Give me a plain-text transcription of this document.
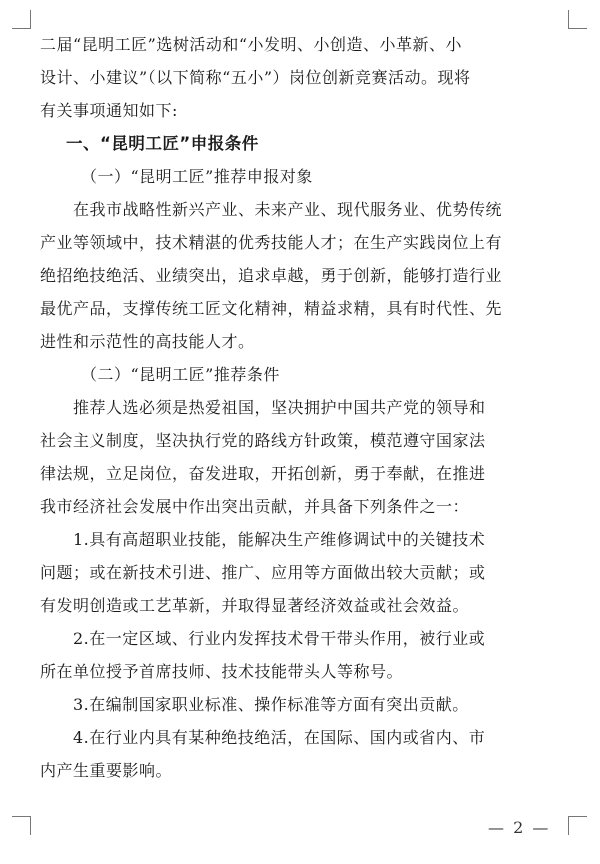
二届“昆明工匠”选树活动和“小发明、小创造、小革新、小
设计、小建议”（以下简称“五小”）岗位创新竞赛活动。现将
有关事项通知如下:
一、“昆明工匠”申报条件
（一）“昆明工匠”推荐申报对象
在我市战略性新兴产业、未来产业、现代服务业、优势传统
产业等领域中，技术精湛的优秀技能人才；在生产实践岗位上有
绝招绝技绝活、业绩突出，追求卓越，勇于创新，能够打造行业
最优产品，支撑传统工匠文化精神，精益求精，具有时代性、先
进性和示范性的高技能人才。
（二）“昆明工匠”推荐条件
推荐人选必须是热爱祖国，坚决拥护中国共产党的领导和
社会主义制度，坚决执行党的路线方针政策，模范遵守国家法
律法规，立足岗位，奋发进取，开拓创新，勇于奉献，在推进
我市经济社会发展中作出突出贡献，并具备下列条件之一：
1.具有高超职业技能，能解决生产维修调试中的关键技术
问题；或在新技术引进、推广、应用等方面做出较大贡献；或
有发明创造或工艺革新，并取得显著经济效益或社会效益。
2.在一定区域、行业内发挥技术骨干带头作用，被行业或
所在单位授予首席技师、技术技能带头人等称号。
3.在编制国家职业标准、操作标准等方面有突出贡献。
4.在行业内具有某种绝技绝活，在国际、国内或省内、市
内产生重要影响。
— 2 —
